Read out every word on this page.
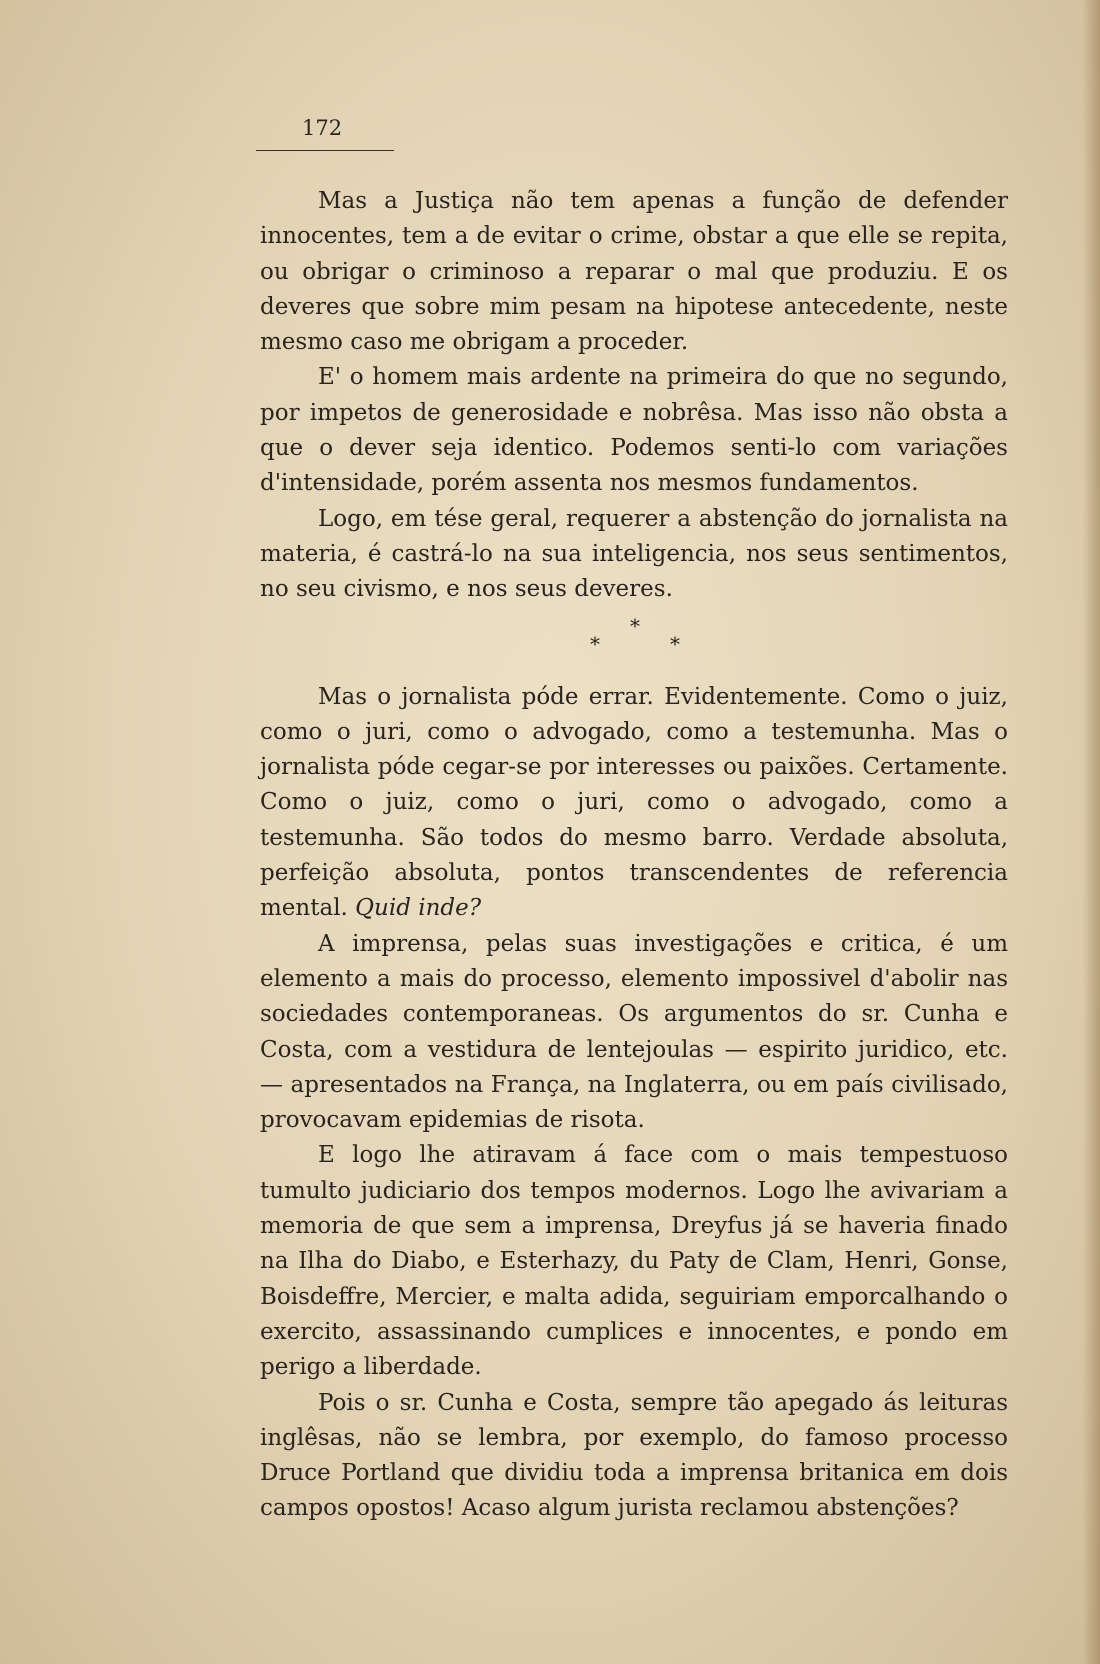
172

Mas a Justiça não tem apenas a função de defender innocentes, tem a de evitar o crime, obstar a que elle se repita, ou obrigar o criminoso a reparar o mal que produziu. E os deveres que sobre mim pesam na hipotese antecedente, neste mesmo caso me obrigam a proceder.

E' o homem mais ardente na primeira do que no segundo, por impetos de generosidade e nobrêsa. Mas isso não obsta a que o dever seja identico. Podemos senti-lo com variações d'intensidade, porém assenta nos mesmos fundamentos.

Logo, em tése geral, requerer a abstenção do jornalista na materia, é castrá-lo na sua inteligencia, nos seus sentimentos, no seu civismo, e nos seus deveres.

*
*	*

Mas o jornalista póde errar. Evidentemente. Como o juiz, como o juri, como o advogado, como a testemunha. Mas o jornalista póde cegar-se por interesses ou paixões. Certamente. Como o juiz, como o juri, como o advogado, como a testemunha. São todos do mesmo barro. Verdade absoluta, perfeição absoluta, pontos transcendentes de referencia mental. Quid inde?

A imprensa, pelas suas investigações e critica, é um elemento a mais do processo, elemento impossivel d'abolir nas sociedades contemporaneas. Os argumentos do sr. Cunha e Costa, com a vestidura de lentejoulas — espirito juridico, etc. — apresentados na França, na Inglaterra, ou em país civilisado, provocavam epidemias de risota.

E logo lhe atiravam á face com o mais tempestuoso tumulto judiciario dos tempos modernos. Logo lhe avivariam a memoria de que sem a imprensa, Dreyfus já se haveria finado na Ilha do Diabo, e Esterhazy, du Paty de Clam, Henri, Gonse, Boisdeffre, Mercier, e malta adida, seguiriam emporcalhando o exercito, assassinando cumplices e innocentes, e pondo em perigo a liberdade.

Pois o sr. Cunha e Costa, sempre tão apegado ás leituras inglêsas, não se lembra, por exemplo, do famoso processo Druce Portland que dividiu toda a imprensa britanica em dois campos opostos! Acaso algum jurista reclamou abstenções?
